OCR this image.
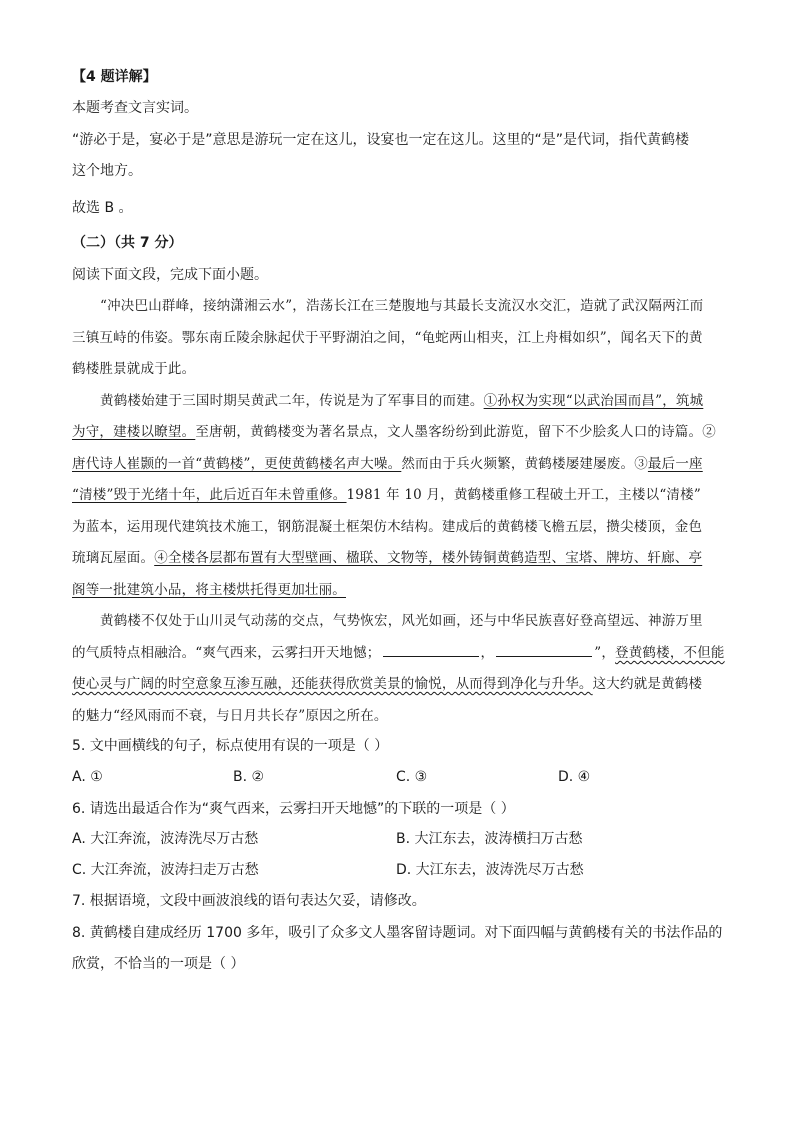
【4 题详解】
本题考查文言实词。
“游必于是，宴必于是”意思是游玩一定在这儿，设宴也一定在这儿。这里的“是”是代词，指代黄鹤楼
这个地方。
故选 B 。
（二）（共 7 分）
阅读下面文段，完成下面小题。
“冲决巴山群峰，接纳潇湘云水”，浩荡长江在三楚腹地与其最长支流汉水交汇，造就了武汉隔两江而
三镇互峙的伟姿。鄂东南丘陵余脉起伏于平野湖泊之间，“龟蛇两山相夹，江上舟楫如织”，闻名天下的黄
鹤楼胜景就成于此。
黄鹤楼始建于三国时期吴黄武二年，传说是为了军事目的而建。①孙权为实现“以武治国而昌”，筑城
为守，建楼以瞭望。至唐朝，黄鹤楼变为著名景点，文人墨客纷纷到此游览，留下不少脍炙人口的诗篇。②
唐代诗人崔颢的一首“黄鹤楼”，更使黄鹤楼名声大噪。然而由于兵火频繁，黄鹤楼屡建屡废。③最后一座
“清楼”毁于光绪十年，此后近百年未曾重修。1981 年 10 月，黄鹤楼重修工程破土开工，主楼以“清楼”
为蓝本，运用现代建筑技术施工，钢筋混凝土框架仿木结构。建成后的黄鹤楼飞檐五层，攒尖楼顶，金色
琉璃瓦屋面。④全楼各层都布置有大型壁画、楹联、文物等，楼外铸铜黄鹤造型、宝塔、牌坊、轩廊、亭
阁等一批建筑小品，将主楼烘托得更加壮丽。
黄鹤楼不仅处于山川灵气动荡的交点，气势恢宏，风光如画，还与中华民族喜好登高望远、神游万里
的气质特点相融洽。“爽气西来，云雾扫开天地憾；	，	”，登黄鹤楼，不但能
使心灵与广阔的时空意象互渗互融，还能获得欣赏美景的愉悦，从而得到净化与升华。这大约就是黄鹤楼
的魅力“经风雨而不衰，与日月共长存”原因之所在。
5. 文中画横线的句子，标点使用有误的一项是（ ）
A. ①	B. ②	C. ③	D. ④
6. 请选出最适合作为“爽气西来，云雾扫开天地憾”的下联的一项是（ ）
A. 大江奔流，波涛洗尽万古愁	B. 大江东去，波涛横扫万古愁
C. 大江奔流，波涛扫走万古愁	D. 大江东去，波涛洗尽万古愁
7. 根据语境，文段中画波浪线的语句表达欠妥，请修改。
8. 黄鹤楼自建成经历 1700 多年，吸引了众多文人墨客留诗题词。对下面四幅与黄鹤楼有关的书法作品的
欣赏，不恰当的一项是（ ）
